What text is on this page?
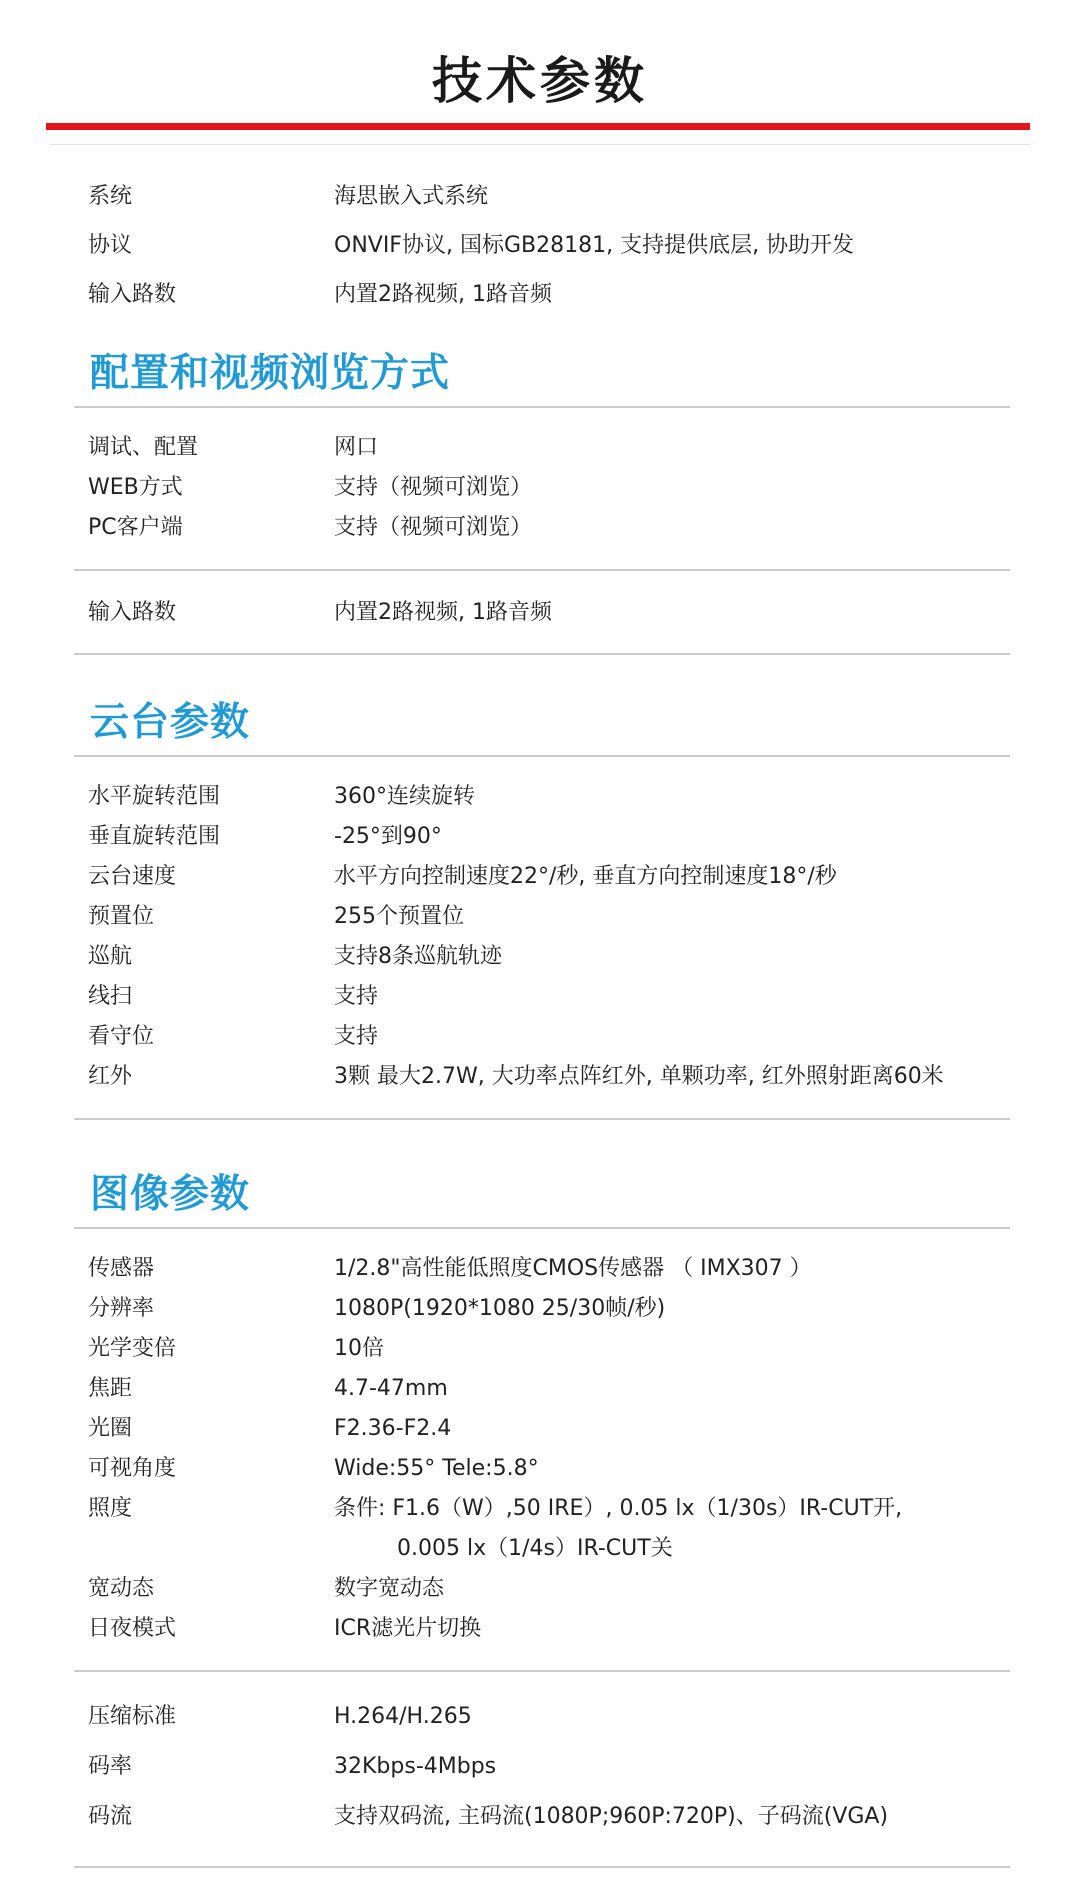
技术参数
系统	海思嵌入式系统
协议	ONVIF协议, 国标GB28181, 支持提供底层, 协助开发
输入路数	内置2路视频, 1路音频
配置和视频浏览方式
调试、配置	网口
WEB方式	支持（视频可浏览）
PC客户端	支持（视频可浏览）
输入路数	内置2路视频, 1路音频
云台参数
水平旋转范围	360°连续旋转
垂直旋转范围	-25°到90°
云台速度	水平方向控制速度22°/秒, 垂直方向控制速度18°/秒
预置位	255个预置位
巡航	支持8条巡航轨迹
线扫	支持
看守位	支持
红外	3颗 最大2.7W, 大功率点阵红外, 单颗功率, 红外照射距离60米
图像参数
传感器	1/2.8"高性能低照度CMOS传感器 （ IMX307 ）
分辨率	1080P(1920*1080 25/30帧/秒)
光学变倍	10倍
焦距	4.7-47mm
光圈	F2.36-F2.4
可视角度	Wide:55° Tele:5.8°
照度	条件: F1.6（W）,50 IRE）, 0.05 lx（1/30s）IR-CUT开,
0.005 lx（1/4s）IR-CUT关
宽动态	数字宽动态
日夜模式	ICR滤光片切换
压缩标准	H.264/H.265
码率	32Kbps-4Mbps
码流	支持双码流, 主码流(1080P;960P:720P)、子码流(VGA)
